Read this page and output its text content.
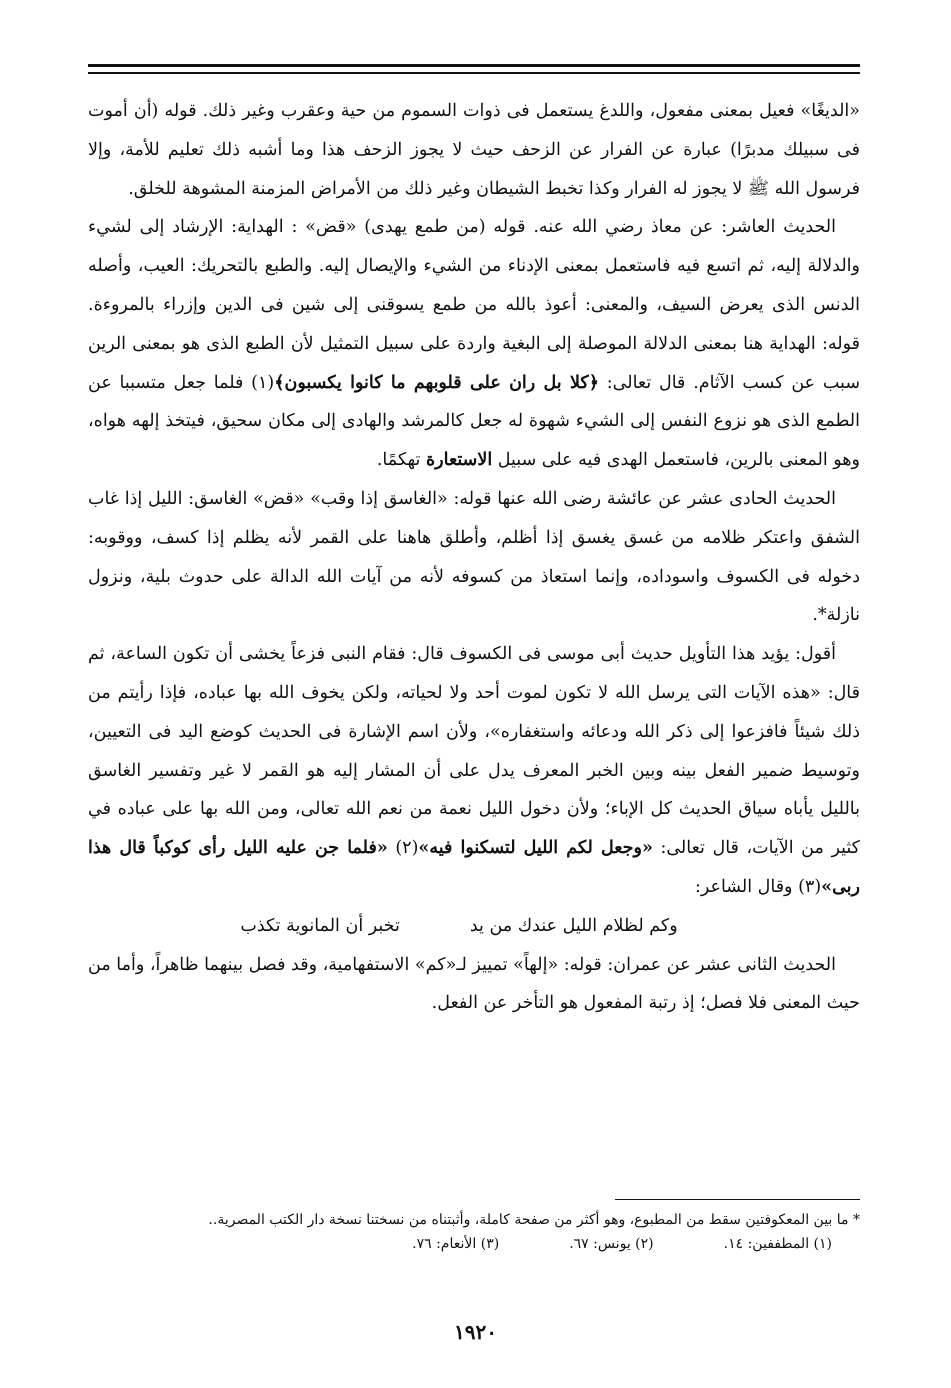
«الديغًا» فعيل بمعنى مفعول، واللدغ يستعمل فى ذوات السموم من حية وعقرب وغير ذلك. قوله (أن أموت فى سبيلك مدبرًا) عبارة عن الفرار عن الزحف حيث لا يجوز الزحف هذا وما أشبه ذلك تعليم للأمة، وإلا فرسول الله ﷺ لا يجوز له الفرار وكذا تخبط الشيطان وغير ذلك من الأمراض المزمنة المشوهة للخلق.

الحديث العاشر: عن معاذ رضي الله عنه. قوله (من طمع يهدى) «قض» : الهداية: الإرشاد إلى لشيء والدلالة إليه، ثم اتسع فيه فاستعمل بمعنى الإدناء من الشيء والإيصال إليه. والطبع بالتحريك: العيب، وأصله الدنس الذى يعرض السيف، والمعنى: أعوذ بالله من طمع يسوقنى إلى شين فى الدين وإزراء بالمروءة. قوله: الهداية هنا بمعنى الدلالة الموصلة إلى البغية واردة على سبيل التمثيل لأن الطبع الذى هو بمعنى الرين سبب عن كسب الآثام. قال تعالى: ﴿كلا بل ران على قلوبهم ما كانوا يكسبون﴾(١) فلما جعل متسببا عن الطمع الذى هو نزوع النفس إلى الشيء شهوة له جعل كالمرشد والهادى إلى مكان سحيق، فيتخذ إلهه هواه، وهو المعنى بالرين، فاستعمل الهدى فيه على سبيل الاستعارة تهكمًا.

الحديث الحادى عشر عن عائشة رضى الله عنها قوله: «الغاسق إذا وقب» «قض» الغاسق: الليل إذا غاب الشفق واعتكر ظلامه من غسق يغسق إذا أظلم، وأطلق هاهنا على القمر لأنه يظلم إذا كسف، ووقوبه: دخوله فى الكسوف واسوداده، وإنما استعاذ من كسوفه لأنه من آيات الله الدالة على حدوث بلية، ونزول نازلة*.

أقول: يؤيد هذا التأويل حديث أبى موسى فى الكسوف قال: فقام النبى فزعاً يخشى أن تكون الساعة، ثم قال: «هذه الآيات التى يرسل الله لا تكون لموت أحد ولا لحياته، ولكن يخوف الله بها عباده، فإذا رأيتم من ذلك شيئاً فافزعوا إلى ذكر الله ودعائه واستغفاره»، ولأن اسم الإشارة فى الحديث كوضع اليد فى التعيين، وتوسيط ضمير الفعل بينه وبين الخبر المعرف يدل على أن المشار إليه هو القمر لا غير وتفسير الغاسق بالليل يأباه سياق الحديث كل الإباء؛ ولأن دخول الليل نعمة من نعم الله تعالى، ومن الله بها على عباده في كثير من الآيات، قال تعالى: «وجعل لكم الليل لتسكنوا فيه»(٢) «فلما جن عليه الليل رأى كوكباً قال هذا ربى»(٣) وقال الشاعر:

وكم لظلام الليل عندك من يد
تخبر أن المانوية تكذب

الحديث الثانى عشر عن عمران: قوله: «إلهاً» تمييز لـ«كم» الاستفهامية، وقد فصل بينهما ظاهراً، وأما من حيث المعنى فلا فصل؛ إذ رتبة المفعول هو التأخر عن الفعل.

* ما بين المعكوفتين سقط من المطبوع، وهو أكثر من صفحة كاملة، وأثبتناه من نسختنا نسخة دار الكتب المصرية..

(١) المطففين: ١٤.
(٢) يونس: ٦٧.
(٣) الأنعام: ٧٦.
١٩٢٠
